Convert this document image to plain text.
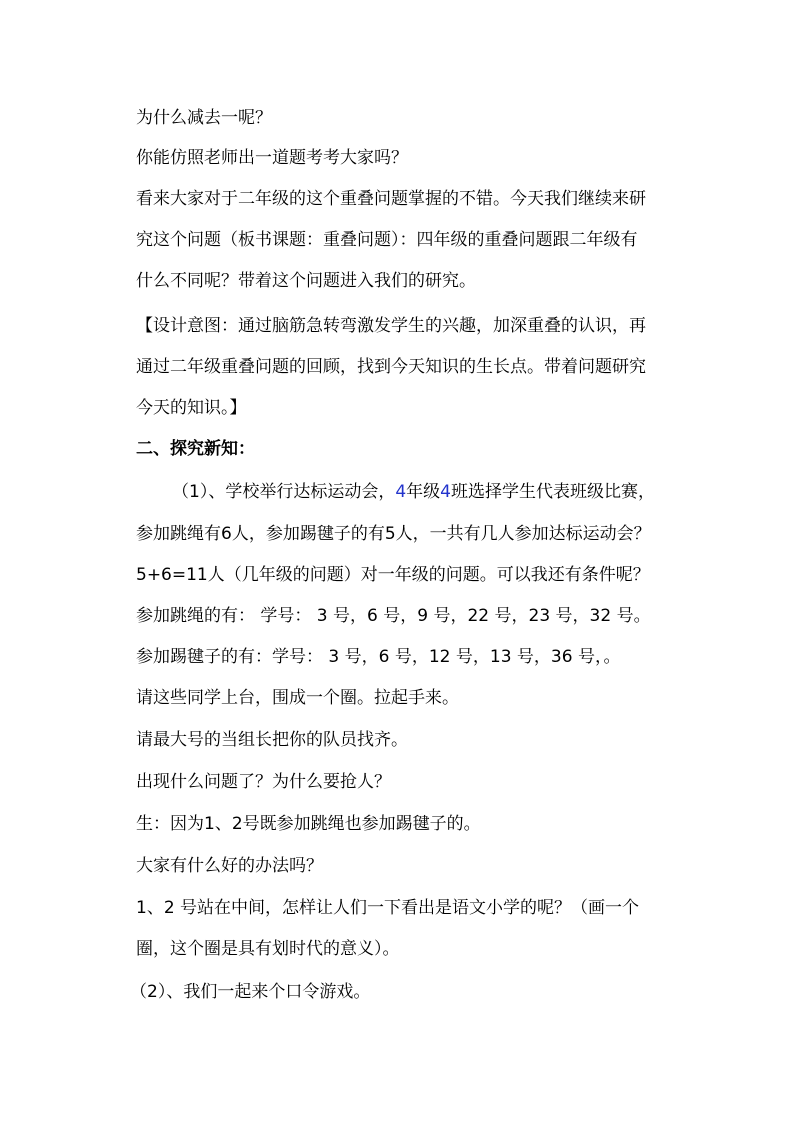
为什么减去一呢？

你能仿照老师出一道题考考大家吗？

看来大家对于二年级的这个重叠问题掌握的不错。今天我们继续来研

究这个问题（板书课题：重叠问题）：四年级的重叠问题跟二年级有

什么不同呢？带着这个问题进入我们的研究。

【设计意图：通过脑筋急转弯激发学生的兴趣，加深重叠的认识，再

通过二年级重叠问题的回顾，找到今天知识的生长点。带着问题研究

今天的知识。】

二、探究新知：

（1）、学校举行达标运动会，4年级4班选择学生代表班级比赛，

参加跳绳有6人，参加踢毽子的有5人，一共有几人参加达标运动会？

5+6=11人（几年级的问题）对一年级的问题。可以我还有条件呢？

参加跳绳的有： 学号： 3 号，6 号，9 号，22 号，23 号，32 号。

参加踢毽子的有：学号： 3 号，6 号，12 号，13 号，36 号，。

请这些同学上台，围成一个圈。拉起手来。

请最大号的当组长把你的队员找齐。

出现什么问题了？为什么要抢人？

生：因为1、2号既参加跳绳也参加踢毽子的。

大家有什么好的办法吗？

1、2 号站在中间，怎样让人们一下看出是语文小学的呢？（画一个

圈，这个圈是具有划时代的意义）。

（2）、我们一起来个口令游戏。
